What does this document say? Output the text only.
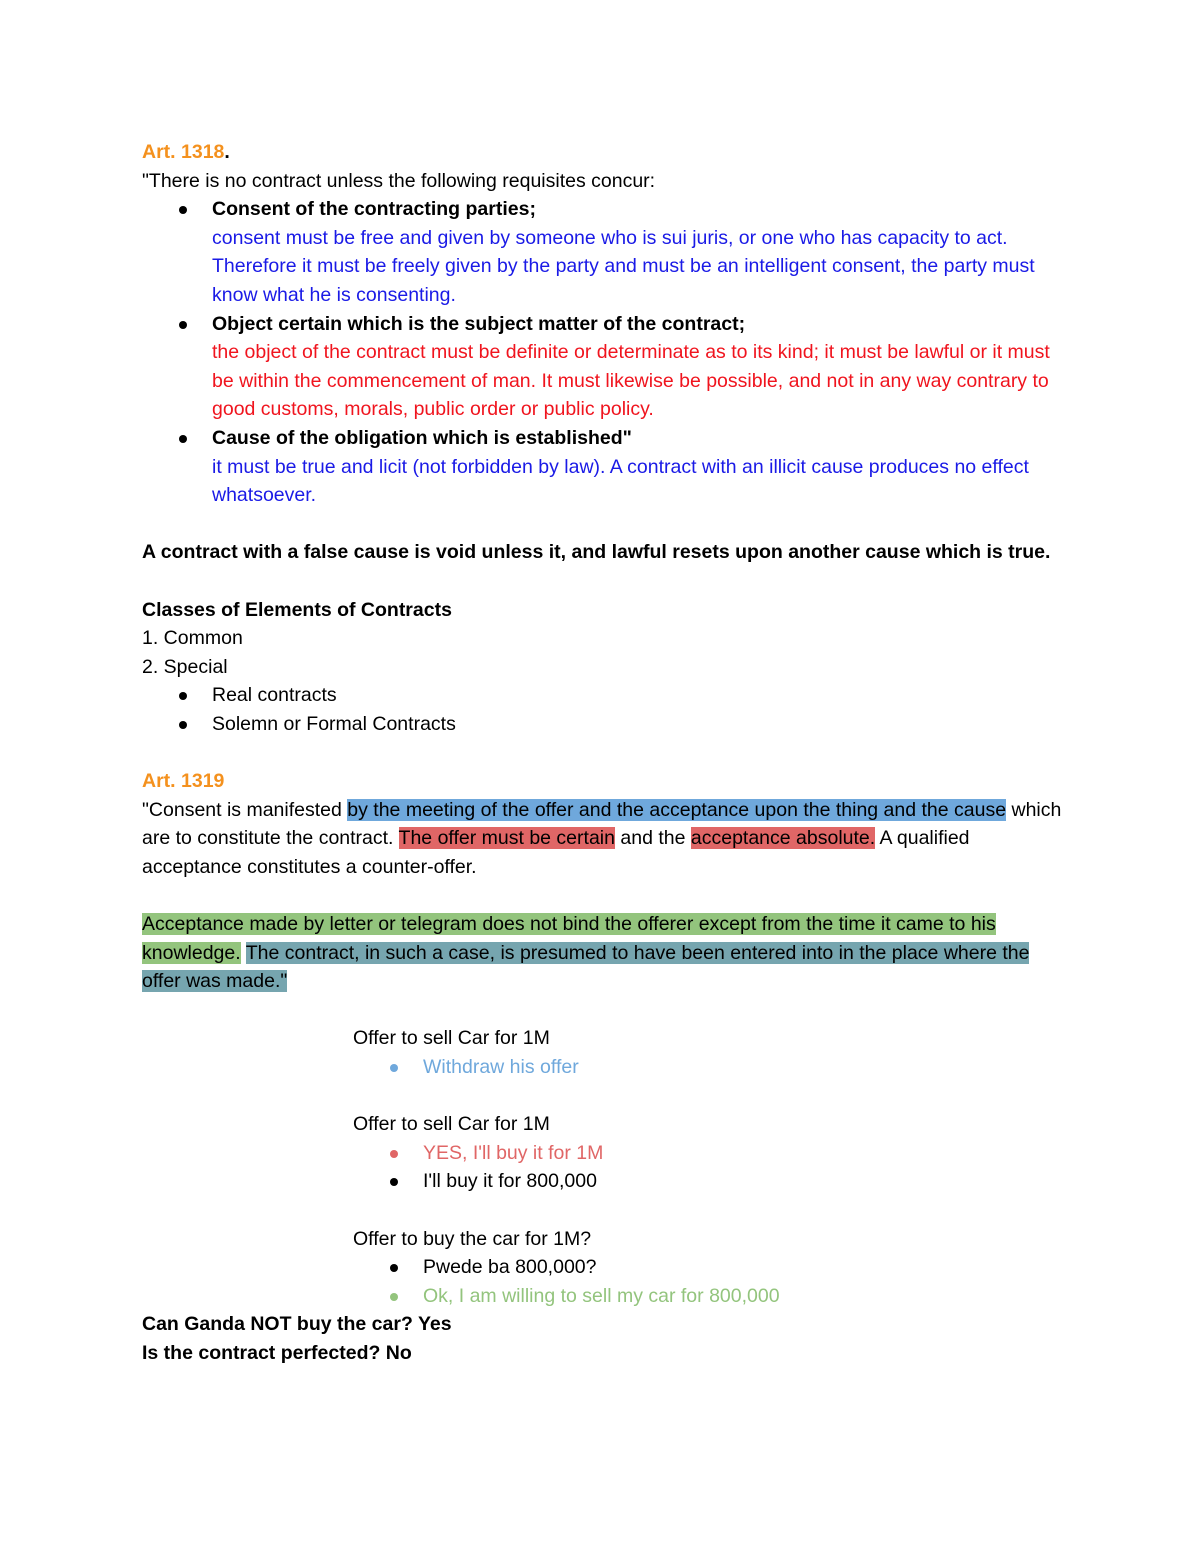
Art. 1318.

"There is no contract unless the following requisites concur:

Consent of the contracting parties;
consent must be free and given by someone who is sui juris, or one who has capacity to act. Therefore it must be freely given by the party and must be an intelligent consent, the party must know what he is consenting.
Object certain which is the subject matter of the contract;
the object of the contract must be definite or determinate as to its kind; it must be lawful or it must be within the commencement of man. It must likewise be possible, and not in any way contrary to good customs, morals, public order or public policy.
Cause of the obligation which is established"
it must be true and licit (not forbidden by law). A contract with an illicit cause produces no effect whatsoever.

A contract with a false cause is void unless it, and lawful resets upon another cause which is true.

Classes of Elements of Contracts

1. Common

2. Special

Real contracts
Solemn or Formal Contracts

Art. 1319

"Consent is manifested by the meeting of the offer and the acceptance upon the thing and the cause which are to constitute the contract. The offer must be certain and the acceptance absolute. A qualified acceptance constitutes a counter-offer.

Acceptance made by letter or telegram does not bind the offerer except from the time it came to his knowledge. The contract, in such a case, is presumed to have been entered into in the place where the offer was made."

Offer to sell Car for 1M

Withdraw his offer

Offer to sell Car for 1M

YES, I'll buy it for 1M
I'll buy it for 800,000

Offer to buy the car for 1M?

Pwede ba 800,000?
Ok, I am willing to sell my car for 800,000

Can Ganda NOT buy the car? Yes

Is the contract perfected? No
